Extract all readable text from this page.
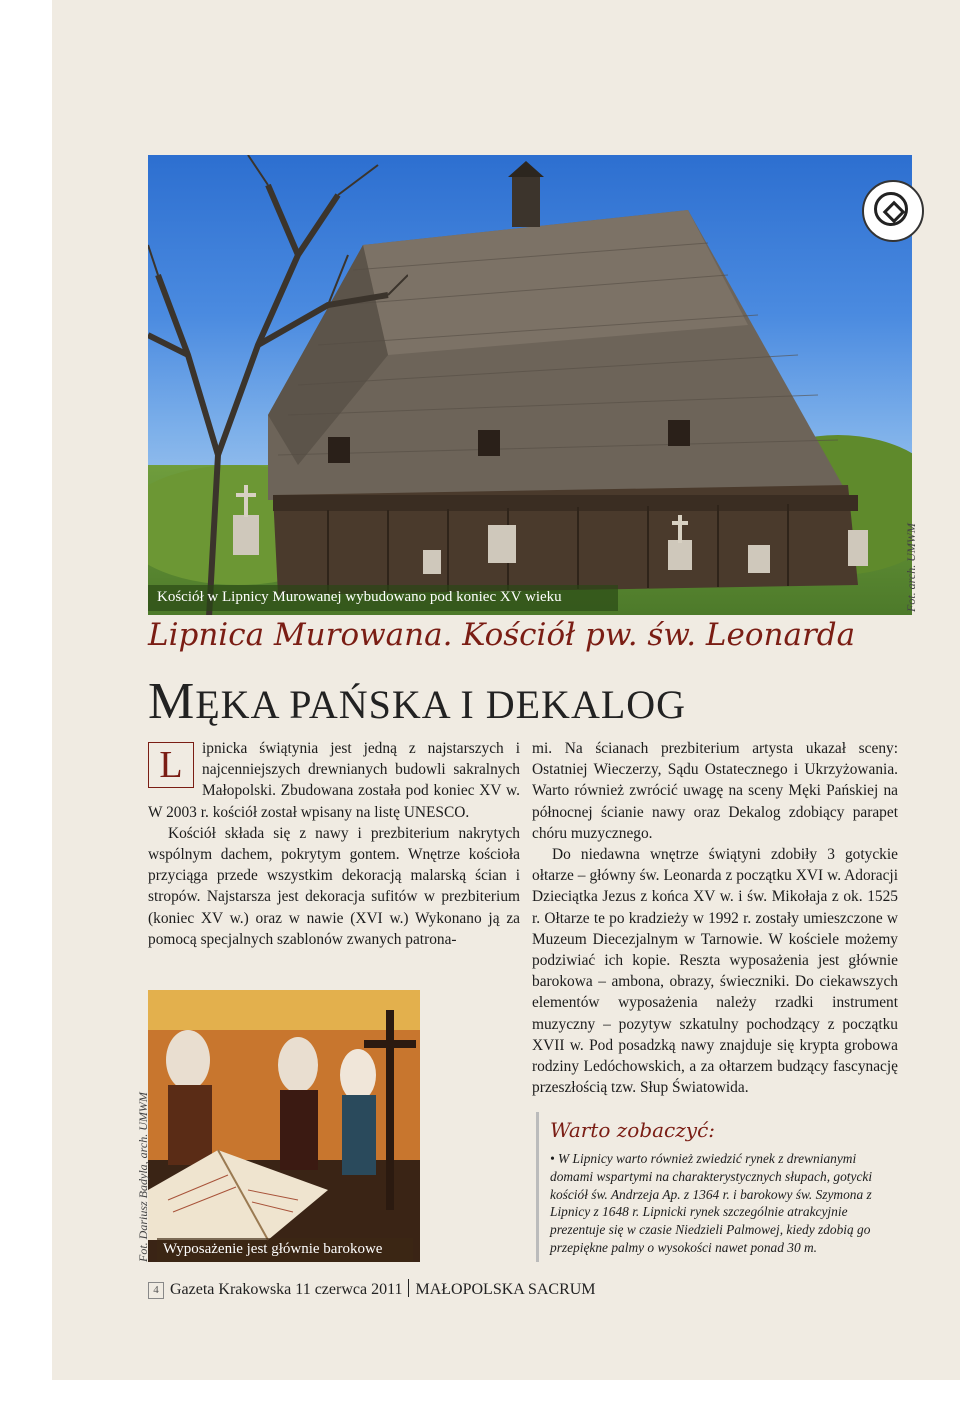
Kościół w Lipnicy Murowanej wybudowano pod koniec XV wieku	Fot. arch. UMWM
Lipnica Murowana. Kościół pw. św. Leonarda
MĘKA PAŃSKA I DEKALOG

L	ipnicka świątynia jest jedną z najstarszych i najcenniejszych drewnianych budowli sakralnych Małopolski. Zbudowana została pod koniec XV w. W 2003 r. kościół został wpisany na listę UNESCO.

Kościół składa się z nawy i prezbiterium nakrytych wspólnym dachem, pokrytym gontem. Wnętrze kościoła przyciąga przede wszystkim dekoracją malarską ścian i stropów. Najstarsza jest dekoracja sufitów w prezbiterium (koniec XV w.) oraz w nawie (XVI w.) Wykonano ją za pomocą specjalnych szablonów zwanych patrona-

mi. Na ścianach prezbiterium artysta ukazał sceny: Ostatniej Wieczerzy, Sądu Ostatecznego i Ukrzyżowania. Warto również zwrócić uwagę na sceny Męki Pańskiej na północnej ścianie nawy oraz Dekalog zdobiący parapet chóru muzycznego.

Do niedawna wnętrze świątyni zdobiły 3 gotyckie ołtarze – główny św. Leonarda z początku XVI w. Adoracji Dzieciątka Jezus z końca XV w. i św. Mikołaja z ok. 1525 r. Ołtarze te po kradzieży w 1992 r. zostały umieszczone w Muzeum Diecezjalnym w Tarnowie. W kościele możemy podziwiać ich kopie. Reszta wyposażenia jest głównie barokowa – ambona, obrazy, świeczniki. Do ciekawszych elementów wyposażenia należy rzadki instrument muzyczny – pozytyw szkatulny pochodzący z początku XVII w. Pod posadzką nawy znajduje się krypta grobowa rodziny Ledóchowskich, a za ołtarzem budzący fascynację przeszłością tzw. Słup Światowida.

Wyposażenie jest głównie barokowe
Fot. Dariusz Badyla, arch. UMWM	Warto zobaczyć:
• W Lipnicy warto również zwiedzić rynek z drewnianymi domami wspartymi na charakterystycznych słupach, gotycki kościół św. Andrzeja Ap. z 1364 r. i barokowy św. Szymona z Lipnicy z 1648 r. Lipnicki rynek szczególnie atrakcyjnie prezentuje się w czasie Niedzieli Palmowej, kiedy zdobią go przepiękne palmy o wysokości nawet ponad 30 m.
4 Gazeta Krakowska 11 czerwca 2011 MAŁOPOLSKA SACRUM
